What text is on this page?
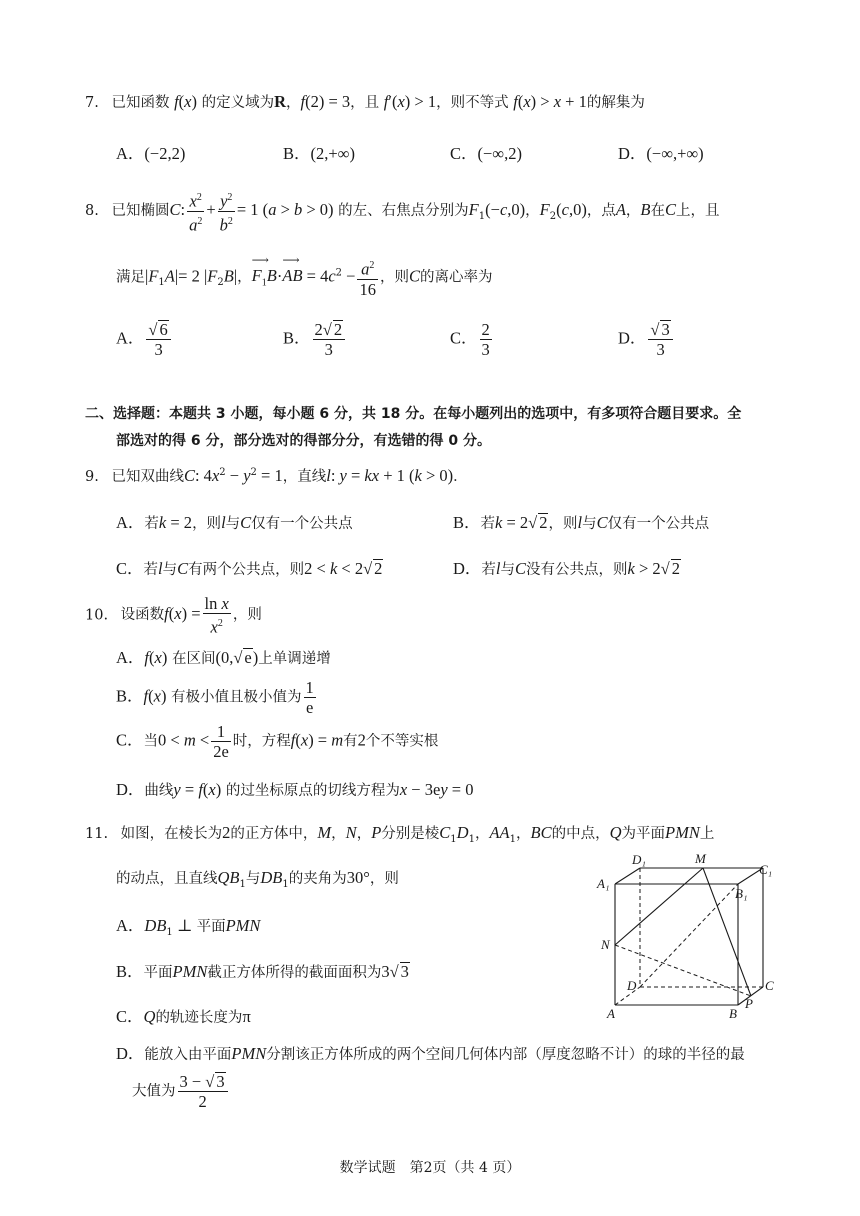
7. 已知函数 f(x) 的定义域为R，f(2) = 3，且 f′(x) > 1，则不等式 f(x) > x + 1的解集为
A．(−2,2)	B．(2,+∞)	C．(−∞,2)	D．(−∞,+∞)
8. 已知椭圆C: $\frac{x^2}{a^2} + \frac{y^2}{b^2} = 1$ (a > b > 0) 的左、右焦点分别为$F_1(-c,0)$，$F_2(c,0)$，点A，B在C上，且
满足$|F_1A|= 2$ $|F_2B|$，⟶ $F_1B\cdot⟶$ AB = $4c^2 - \frac{a^2}{16}$ ，则C的离心率为
A． $\frac{√ 6}{3}$	B． $\frac{2√ 2}{3}$	C． $\frac{2}{3}$	D． $\frac{√ 3}{3}$
二、选择题：本题共 3 小题，每小题 6 分，共 18 分。在每小题列出的选项中，有多项符合题目要求。全
部选对的得 6 分，部分选对的得部分分，有选错的得 0 分。
9. 已知双曲线C: $4x^2 - y^2 = 1$，直线l: y = kx + 1 (k > 0)．
A．若k = 2，则l与C仅有一个公共点	B．若k = 2√ 2，则l与C仅有一个公共点
C．若l与C有两个公共点，则2 < k < 2√ 2	D．若l与C没有公共点，则k > 2√ 2
10. 设函数$f(x) = \frac{\text{ln x}}{x^2}$ ，则
A．f(x) 在区间(0,√ e)上单调递增
B．f(x) 有极小值且极小值为 $\frac{1}{e}$
C．当$0 < m < \frac{1}{2e}$ 时，方程f(x) = m有2个不等实根
D．曲线y = f(x) 的过坐标原点的切线方程为x − 3ey = 0
11. 如图，在棱长为2的正方体中，M，N，P分别是棱$C_1D_1$，$AA_1$，BC的中点，Q为平面PMN上
的动点，且直线$QB_1$与$DB_1$的夹角为30°，则
A．$DB_1$ ⊥ 平面PMN
B．平面PMN截正方体所得的截面面积为3√ 3
C．Q的轨迹长度为π
D．能放入由平面PMN分割该正方体所成的两个空间几何体内部（厚度忽略不计）的球的半径的最
大值为 $\frac{3 - √ 3}{2}$
D₁	M
C₁
A₁
B₁
N
D	C
P
A	B
数学试题　第2页（共 4 页）
